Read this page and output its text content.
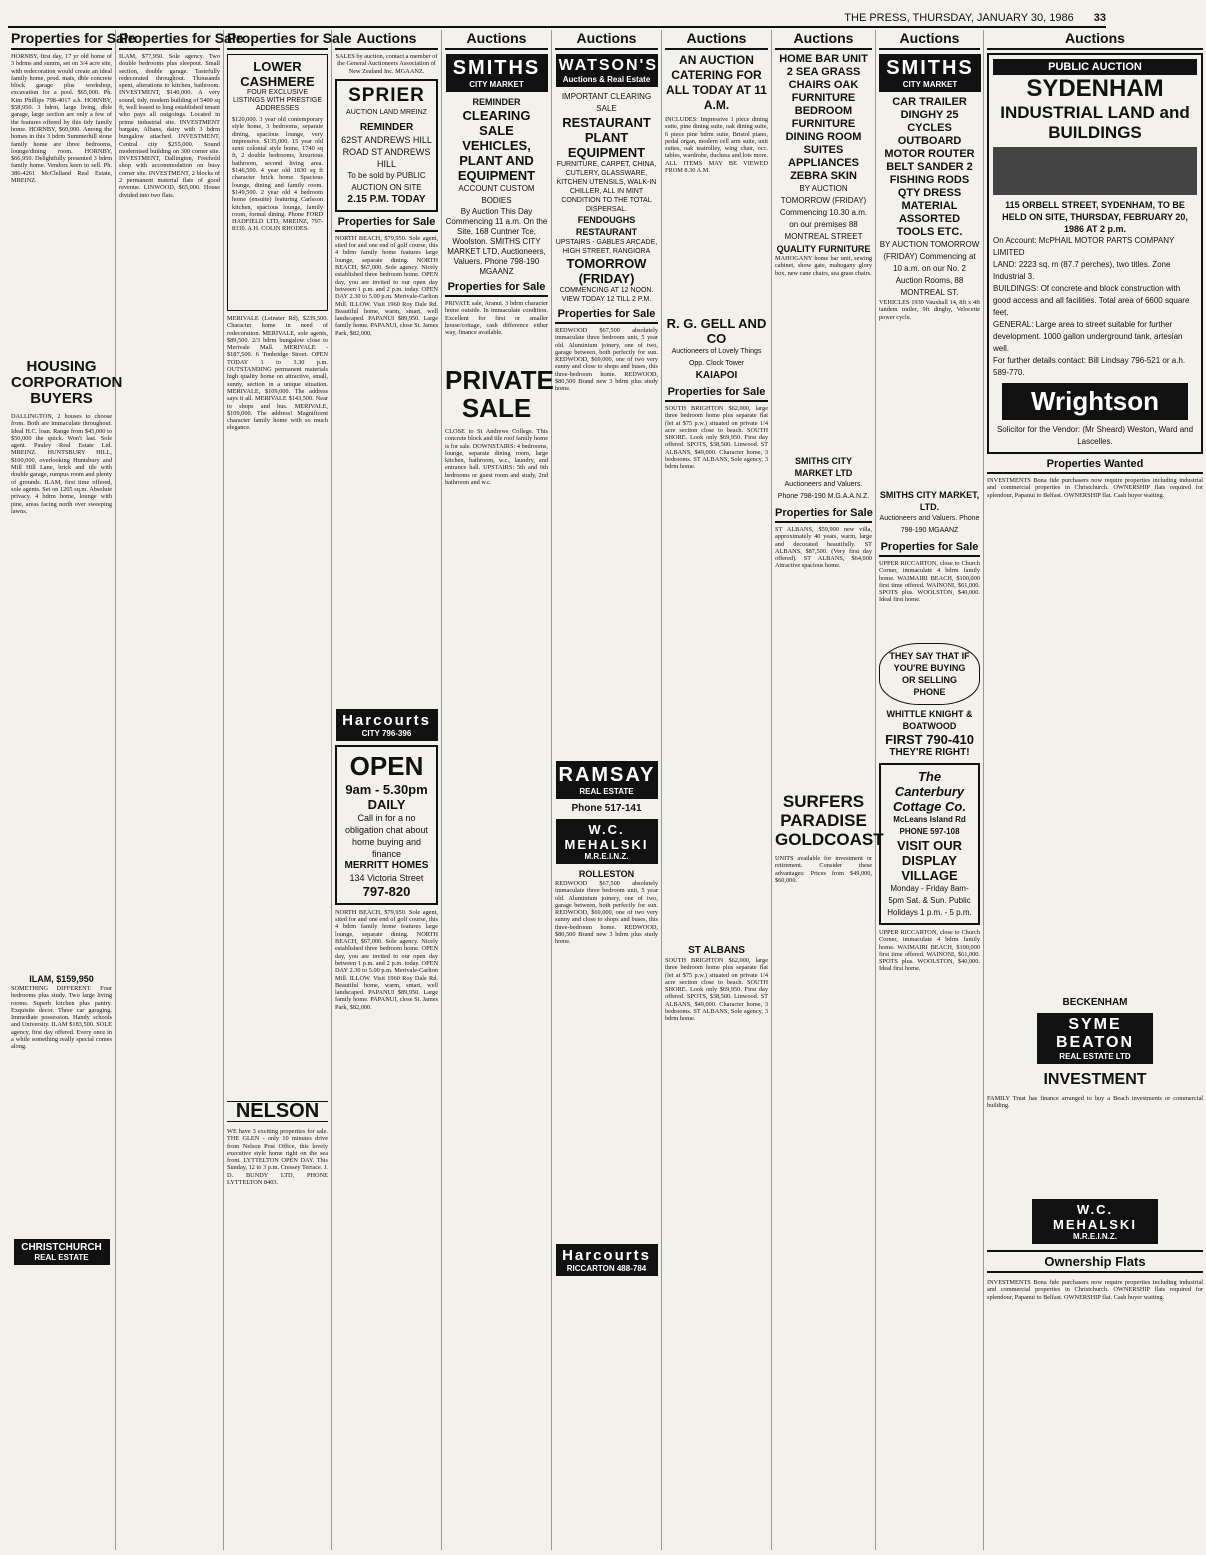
THE PRESS, THURSDAY, JANUARY 30, 1986 33
Properties for Sale
HORNBY, first day, 17 yr old home of 3 bdrms and sunrm, set on 3/4 acre site, with redecoration would create an ideal family home, prod. mats, dble concrete block garage plus workshop, excavation for a pool. $65,000. Ph. Kim Phillips 798-4017 a.h. HORNBY, $58,950. 3 bdrm, large living, dble garage, large section are only a few of the features offered by this tidy family home. HORNBY, $60,000. Among the homes in this 3 bdrm Summerhill stone family home are three bedrooms, lounge/dining room. HORNBY, $66,950. Delightfully presented 3 bdrm family home. Vendors keen to sell. Ph. 386-4261 McClelland Real Estate, MREINZ.
HOUSING CORPORATION BUYERS
DALLINGTON, 2 houses to choose from. Both are immaculate throughout. Ideal H.C. loan. Range from $45,000 to $50,000 the quick. Won't last. Sole agent. Pauley Real Estate Ltd. MREINZ. HUNTSBURY HILL, $100,000, overlooking Huntsbury and Mill Hill Lane, brick and tile with double garage, rumpus room and plenty of grounds. ILAM, first time offered, sole agents. Set on 1265 sq.m. Absolute privacy. 4 bdrm home, lounge with pine, areas facing north over sweeping lawns.
ILAM, $159,950
SOMETHING DIFFERENT. Four bedrooms plus study. Two large living rooms. Superb kitchen plus pantry. Exquisite decor. Three car garaging. Immediate possession. Handy schools and University. ILAM $183,500. SOLE agency, first day offered. Every once in a while something really special comes along.
CHRISTCHURCH
REAL ESTATE
Properties for Sale
ILAM, $77,950. Sole agency. Two double bedrooms plus sleepout. Small section, double garage. Tastefully redecorated throughout. Thousands spent, alterations to kitchen, bathroom. INVESTMENT, $140,000. A very sound, tidy, modern building of 5400 sq ft, well leased to long established tenant who pays all outgoings. Located in prime industrial site. INVESTMENT bargain, Albans, dairy with 3 bdrm bungalow attached. INVESTMENT, Central city $255,000. Sound modernised building on 300 corner site. INVESTMENT, Dallington, Freehold shop with accommodation on busy corner site. INVESTMENT, 2 blocks of 2 permanent material flats of good revenue. LINWOOD, $65,000. House divided into two flats.
Properties for Sale
LOWER CASHMERE
FOUR EXCLUSIVE LISTINGS WITH PRESTIGE ADDRESSES
$120,000. 3 year old contemporary style home, 3 bedrooms, separate dining, spacious lounge, very impressive. $135,000. 15 year old semi colonial style home, 1740 sq ft, 2 double bedrooms, luxurious bathroom, second living area. $146,500. 4 year old 1830 sq ft character brick home. Spacious lounge, dining and family room. $149,500. 2 year old 4 bedroom home (ensuite) featuring Carlsson kitchen, spacious lounge, family room, formal dining. Phone FORD HADFIELD LTD, MREINZ, 797-8330. A.H. COLIN RHODES.
MERIVALE (Leinster Rd), $239,500. Character home in need of redecoration. MERIVALE, sole agents, $89,500. 2/3 bdrm bungalow close to Merivale Mall. MERIVALE - $187,500. 6 Tonbridge Street. OPEN TODAY 1 to 3.30 p.m. OUTSTANDING permanent materials high quality home on attractive, small, sunny, section in a unique situation. MERIVALE, $109,000. The address says it all. MERIVALE $143,500. Near to shops and bus. MERIVALE, $109,000. The address! Magnificent character family home with so much elegance.
NELSON
WE have 3 exciting properties for sale. THE GLEN - only 10 minutes drive from Nelson Post Office, this lovely executive style home right on the sea front. LYTTELTON OPEN DAY. This Sunday, 12 to 3 p.m. Cressey Terrace. J. D. BUNDY LTD, PHONE LYTTELTON 8403.
Auctions
SALES by auction, contact a member of the General Auctioneers Association of New Zealand Inc. MGAANZ.
SPRIER
AUCTION LAND MREINZ
REMINDER
62ST ANDREWS HILL ROAD ST ANDREWS HILL
To be sold by PUBLIC AUCTION ON SITE
2.15 P.M. TODAY
Properties for Sale
NORTH BEACH, $79,950. Sole agent, sited for and one end of golf course, this 4 bdrm family home features large lounge, separate dining. NORTH BEACH, $67,000. Sole agency. Nicely established three bedroom home. OPEN day, you are invited to our open day between 1 p.m. and 2 p.m. today. OPEN DAY 2.30 to 5.00 p.m. Merivale-Carlton Mill. ILLOW. Visit 1960 Roy Dale Rd. Beautiful home, warm, smart, well landscaped. PAPANUI $89,950. Large family home. PAPANUI, close St. James Park, $82,000.
Harcourts
CITY 796-396
OPEN
9am - 5.30pm DAILY
Call in for a no obligation chat about home buying and finance
MERRITT HOMES
134 Victoria Street
797-820
NORTH BEACH, $79,950. Sole agent, sited for and one end of golf course, this 4 bdrm family home features large lounge, separate dining. NORTH BEACH, $67,000. Sole agency. Nicely established three bedroom home. OPEN day, you are invited to our open day between 1 p.m. and 2 p.m. today. OPEN DAY 2.30 to 5.00 p.m. Merivale-Carlton Mill. ILLOW. Visit 1960 Roy Dale Rd. Beautiful home, warm, smart, well landscaped. PAPANUI $89,950. Large family home. PAPANUI, close St. James Park, $82,000.
Auctions
SMITHS
CITY MARKET
REMINDER
CLEARING SALE VEHICLES, PLANT AND EQUIPMENT
ACCOUNT CUSTOM BODIES
By Auction This Day Commencing 11 a.m. On the Site, 168 Cuntner Tce, Woolston. SMITHS CITY MARKET LTD, Auctioneers, Valuers. Phone 798-190 MGAANZ
Properties for Sale
PRIVATE sale, Aranui. 3 bdrm character home outside. In immaculate condition. Excellent for first or smaller house/cottage, cash difference either way, finance available.
PRIVATE SALE
CLOSE to St Andrews College. This concrete block and tile roof family home is for sale. DOWNSTAIRS: 4 bedrooms, lounge, separate dining room, large kitchen, bathroom, w.c., laundry, and entrance hall. UPSTAIRS: 5th and 6th bedrooms or guest room and study, 2nd bathroom and w.c.
Auctions
WATSON'S
Auctions & Real Estate
IMPORTANT CLEARING SALE
RESTAURANT PLANT EQUIPMENT
FURNITURE, CARPET, CHINA, CUTLERY, GLASSWARE, KITCHEN UTENSILS, WALK-IN CHILLER, ALL IN MINT CONDITION TO THE TOTAL DISPERSAL.
FENDOUGHS RESTAURANT
UPSTAIRS - GABLES ARCADE, HIGH STREET, RANGIORA
TOMORROW (FRIDAY)
COMMENCING AT 12 NOON. VIEW TODAY 12 TILL 2 P.M.
Properties for Sale
REDWOOD $67,500 absolutely immaculate three bedroom unit, 5 year old. Aluminium joinery, one of two, garage between, both perfectly for sun. REDWOOD, $69,000, one of two very sunny and close to shops and buses, this three-bedroom home. REDWOOD, $80,500 Brand new 3 bdrm plus study home.
RAMSAY
REAL ESTATE
Phone 517-141
W.C. MEHALSKI
M.R.E.I.N.Z.
ROLLESTON
REDWOOD $67,500 absolutely immaculate three bedroom unit, 5 year old. Aluminium joinery, one of two, garage between, both perfectly for sun. REDWOOD, $69,000, one of two very sunny and close to shops and buses, this three-bedroom home. REDWOOD, $80,500 Brand new 3 bdrm plus study home.
Harcourts
RICCARTON 488-784
Auctions
AN AUCTION CATERING FOR ALL TODAY AT 11 A.M.
INCLUDES: Impressive 1 piece dining suite, pine dining suite, oak dining suite, 6 piece pine bdrm suite, Bristol piano, pedal organ, modern cell arm suite, unit suites, oak teatrolley, wing chair, occ. tables, wardrobe, duchess and lots more. ALL ITEMS MAY BE VIEWED FROM 8.30 A.M.
R. G. GELL AND CO
Auctioneers of Lovely Things Opp. Clock Tower
KAIAPOI
Properties for Sale
SOUTH BRIGHTON $62,000, large three bedroom home plus separate flat (let at $75 p.w.) situated on private 1/4 acre section close to beach. SOUTH SHORE. Look only $69,950. First day offered. SPOTS, $38,500. Linwood. ST ALBANS, $49,000. Character home, 3 bedrooms. ST ALBANS, Sole agency, 3 bdrm home.
ST ALBANS
SOUTH BRIGHTON $62,000, large three bedroom home plus separate flat (let at $75 p.w.) situated on private 1/4 acre section close to beach. SOUTH SHORE. Look only $69,950. First day offered. SPOTS, $38,500. Linwood. ST ALBANS, $49,000. Character home, 3 bedrooms. ST ALBANS, Sole agency, 3 bdrm home.
Auctions
HOME BAR UNIT 2 SEA GRASS CHAIRS OAK FURNITURE BEDROOM FURNITURE DINING ROOM SUITES APPLIANCES ZEBRA SKIN
BY AUCTION TOMORROW (FRIDAY) Commencing 10.30 a.m. on our premises 88 MONTREAL STREET
QUALITY FURNITURE
MAHOGANY home bar unit, sewing cabinet, show gate, mahogany glory box, new cane chairs, sea grass chairs.
SMITHS CITY MARKET LTD
Auctioneers and Valuers. Phone 798-190 M.G.A.A.N.Z.
Properties for Sale
ST ALBANS, $59,900 new villa, approximately 40 years, warm, large and decorated beautifully. ST ALBANS, $87,500. (Very first day offered). ST ALBANS, $64,000 Attractive spacious home.
SURFERS PARADISE GOLDCOAST
UNITS available for investment or retirement. Consider these advantages: Prices from $49,000, $60,000.
Auctions
SMITHS
CITY MARKET
CAR TRAILER DINGHY 25 CYCLES OUTBOARD MOTOR ROUTER BELT SANDER 2 FISHING RODS QTY DRESS MATERIAL ASSORTED TOOLS ETC.
BY AUCTION TOMORROW (FRIDAY) Commencing at 10 a.m. on our No. 2 Auction Rooms, 88 MONTREAL ST.
VEHICLES 1930 Vauxhall 14, 8ft x 4ft tandem trailer, 9ft dinghy, Velocette power cycle.
SMITHS CITY MARKET, LTD.
Auctioneers and Valuers. Phone 798-190 MGAANZ
Properties for Sale
UPPER RICCARTON, close to Church Corner, immaculate 4 bdrm family home. WAIMAIRI BEACH, $100,000 first time offered. WAINONI, $61,000. SPOTS plus. WOOLSTON, $40,000. Ideal first home.
THEY SAY THAT IF YOU'RE BUYING OR SELLING PHONE
WHITTLE KNIGHT & BOATWOOD
FIRST 790-410
THEY'RE RIGHT!
The Canterbury Cottage Co.
McLeans Island Rd PHONE 597-108
VISIT OUR DISPLAY VILLAGE
Monday - Friday 8am-5pm Sat. & Sun. Public Holidays 1 p.m. - 5 p.m.
UPPER RICCARTON, close to Church Corner, immaculate 4 bdrm family home. WAIMAIRI BEACH, $100,000 first time offered. WAINONI, $61,000. SPOTS plus. WOOLSTON, $40,000. Ideal first home.
Auctions
PUBLIC AUCTION
SYDENHAM
INDUSTRIAL LAND and BUILDINGS
115 ORBELL STREET, SYDENHAM, TO BE HELD ON SITE, THURSDAY, FEBRUARY 20, 1986 AT 2 p.m.
On Account: McPHAIL MOTOR PARTS COMPANY LIMITED
LAND: 2223 sq. m (87.7 perches), two titles. Zone Industrial 3.
BUILDINGS: Of concrete and block construction with good access and all facilities. Total area of 6600 square feet.
GENERAL: Large area to street suitable for further development. 1000 gallon underground tank, artesian well.
For further details contact: Bill Lindsay 796-521 or a.h. 589-770.
Wrightson
Solicitor for the Vendor: (Mr Sheard) Weston, Ward and Lascelles.
Properties Wanted
INVESTMENTS Bona fide purchasers now require properties including industrial and commercial properties in Christchurch. OWNERSHIP flats required for splendour, Papanui to Belfast. OWNERSHIP flat. Cash buyer waiting.
BECKENHAM
SYME BEATON
REAL ESTATE LTD
INVESTMENT
FAMILY Trust has finance arranged to buy a Beach investments or commercial building.
W.C. MEHALSKI
M.R.E.I.N.Z.
Ownership Flats
INVESTMENTS Bona fide purchasers now require properties including industrial and commercial properties in Christchurch. OWNERSHIP flats required for splendour, Papanui to Belfast. OWNERSHIP flat. Cash buyer waiting.
